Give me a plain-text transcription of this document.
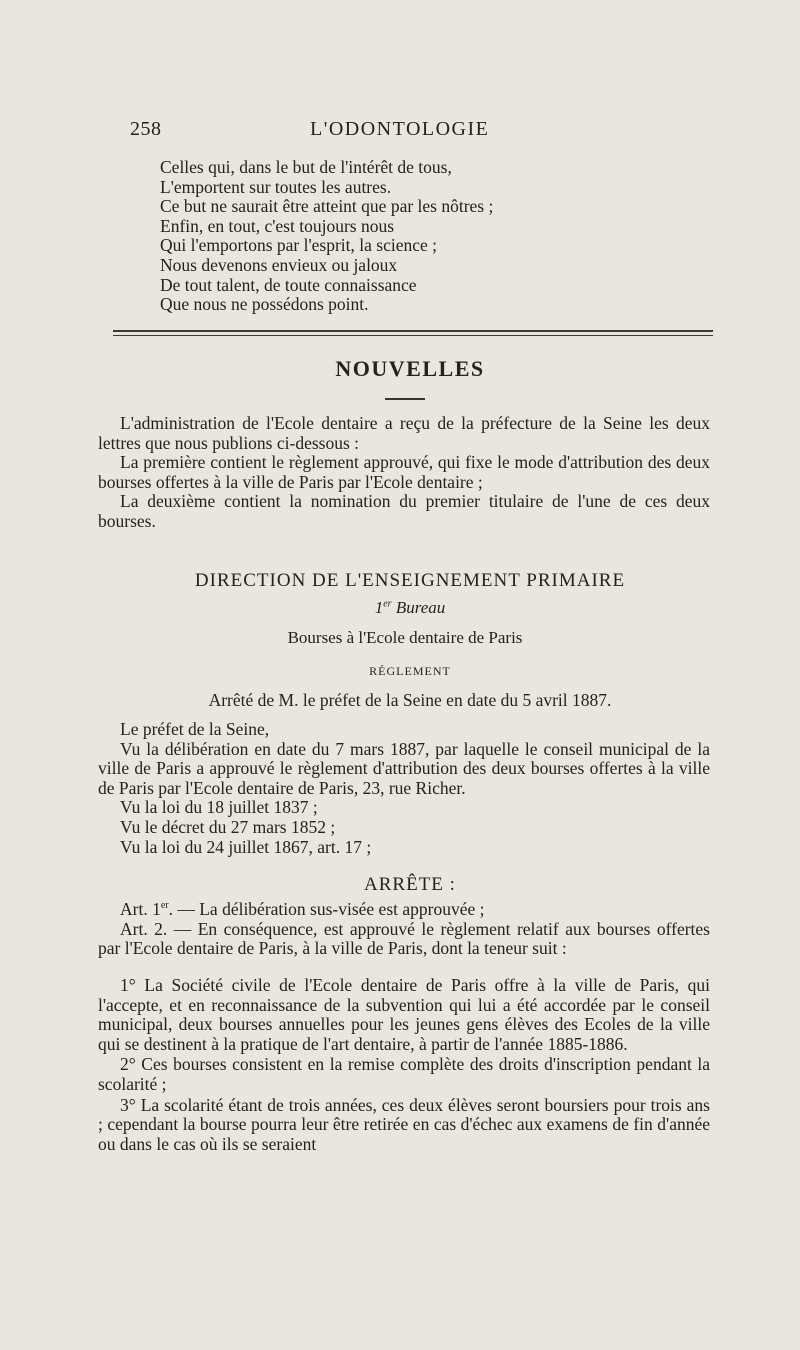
258	L'ODONTOLOGIE
Celles qui, dans le but de l'intérêt de tous,
L'emportent sur toutes les autres.
Ce but ne saurait être atteint que par les nôtres ;
Enfin, en tout, c'est toujours nous
Qui l'emportons par l'esprit, la science ;
Nous devenons envieux ou jaloux
De tout talent, de toute connaissance
Que nous ne possédons point.
NOUVELLES

L'administration de l'Ecole dentaire a reçu de la préfecture de la Seine les deux lettres que nous publions ci-dessous :

La première contient le règlement approuvé, qui fixe le mode d'attribution des deux bourses offertes à la ville de Paris par l'Ecole dentaire ;

La deuxième contient la nomination du premier titulaire de l'une de ces deux bourses.

DIRECTION DE L'ENSEIGNEMENT PRIMAIRE
1er Bureau
Bourses à l'Ecole dentaire de Paris
RÉGLEMENT
Arrêté de M. le préfet de la Seine en date du 5 avril 1887.

Le préfet de la Seine,

Vu la délibération en date du 7 mars 1887, par laquelle le conseil municipal de la ville de Paris a approuvé le règlement d'attribution des deux bourses offertes à la ville de Paris par l'Ecole dentaire de Paris, 23, rue Richer.

Vu la loi du 18 juillet 1837 ;

Vu le décret du 27 mars 1852 ;

Vu la loi du 24 juillet 1867, art. 17 ;

ARRÊTE :

Art. 1er. — La délibération sus-visée est approuvée ;

Art. 2. — En conséquence, est approuvé le règlement relatif aux bourses offertes par l'Ecole dentaire de Paris, à la ville de Paris, dont la teneur suit :

1° La Société civile de l'Ecole dentaire de Paris offre à la ville de Paris, qui l'accepte, et en reconnaissance de la subvention qui lui a été accordée par le conseil municipal, deux bourses annuelles pour les jeunes gens élèves des Ecoles de la ville qui se destinent à la pratique de l'art dentaire, à partir de l'année 1885-1886.

2° Ces bourses consistent en la remise complète des droits d'inscription pendant la scolarité ;

3° La scolarité étant de trois années, ces deux élèves seront boursiers pour trois ans ; cependant la bourse pourra leur être retirée en cas d'échec aux examens de fin d'année ou dans le cas où ils se seraient
